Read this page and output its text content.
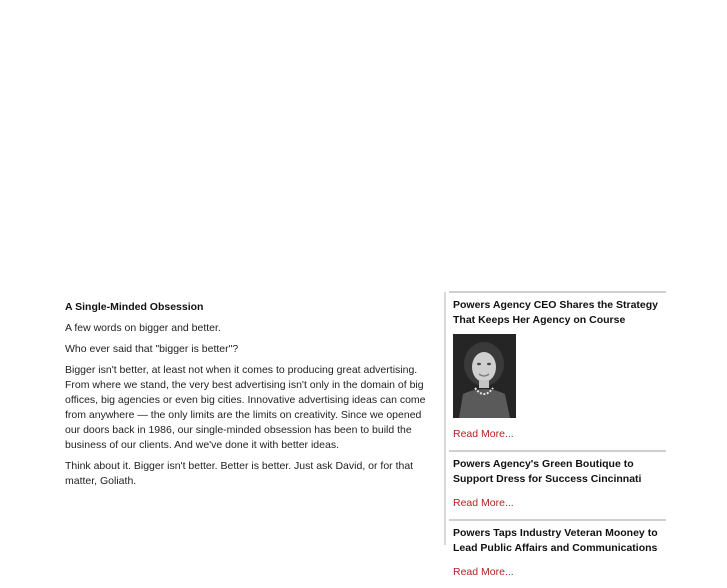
A Single-Minded Obsession

A few words on bigger and better.

Who ever said that "bigger is better"?

Bigger isn't better, at least not when it comes to producing great advertising. From where we stand, the very best advertising isn't only in the domain of big offices, big agencies or even big cities. Innovative advertising ideas can come from anywhere — the only limits are the limits on creativity. Since we opened our doors back in 1986, our single-minded obsession has been to build the business of our clients. And we've done it with better ideas.

Think about it. Bigger isn't better. Better is better. Just ask David, or for that matter, Goliath.

Powers Agency CEO Shares the Strategy That Keeps Her Agency on Course
Read More...
Powers Agency's Green Boutique to Support Dress for Success Cincinnati
Read More...
Powers Taps Industry Veteran Mooney to Lead Public Affairs and Communications
Read More...
